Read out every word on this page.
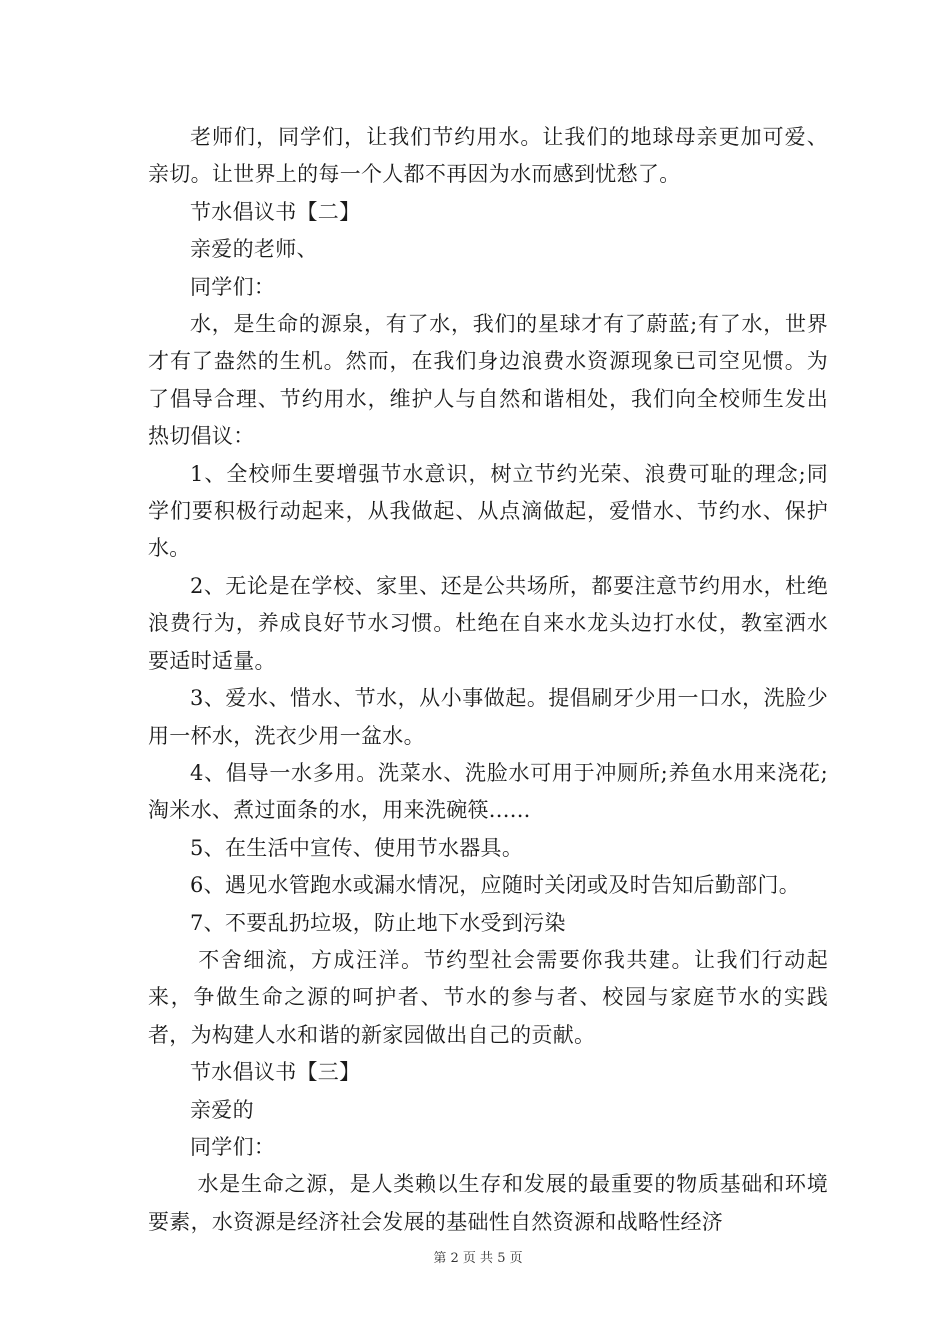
老师们，同学们，让我们节约用水。让我们的地球母亲更加可爱、亲切。让世界上的每一个人都不再因为水而感到忧愁了。

节水倡议书【二】

亲爱的老师、

同学们：

水，是生命的源泉，有了水，我们的星球才有了蔚蓝;有了水，世界才有了盎然的生机。然而，在我们身边浪费水资源现象已司空见惯。为了倡导合理、节约用水，维护人与自然和谐相处，我们向全校师生发出热切倡议：

1、全校师生要增强节水意识，树立节约光荣、浪费可耻的理念;同学们要积极行动起来，从我做起、从点滴做起，爱惜水、节约水、保护水。

2、无论是在学校、家里、还是公共场所，都要注意节约用水，杜绝浪费行为，养成良好节水习惯。杜绝在自来水龙头边打水仗，教室洒水要适时适量。

3、爱水、惜水、节水，从小事做起。提倡刷牙少用一口水，洗脸少用一杯水，洗衣少用一盆水。

4、倡导一水多用。洗菜水、洗脸水可用于冲厕所;养鱼水用来浇花;淘米水、煮过面条的水，用来洗碗筷......

5、在生活中宣传、使用节水器具。

6、遇见水管跑水或漏水情况，应随时关闭或及时告知后勤部门。

7、不要乱扔垃圾，防止地下水受到污染

不舍细流，方成汪洋。节约型社会需要你我共建。让我们行动起来，争做生命之源的呵护者、节水的参与者、校园与家庭节水的实践者，为构建人水和谐的新家园做出自己的贡献。

节水倡议书【三】

亲爱的

同学们：

水是生命之源，是人类赖以生存和发展的最重要的物质基础和环境要素，水资源是经济社会发展的基础性自然资源和战略性经济

第 2 页 共 5 页
